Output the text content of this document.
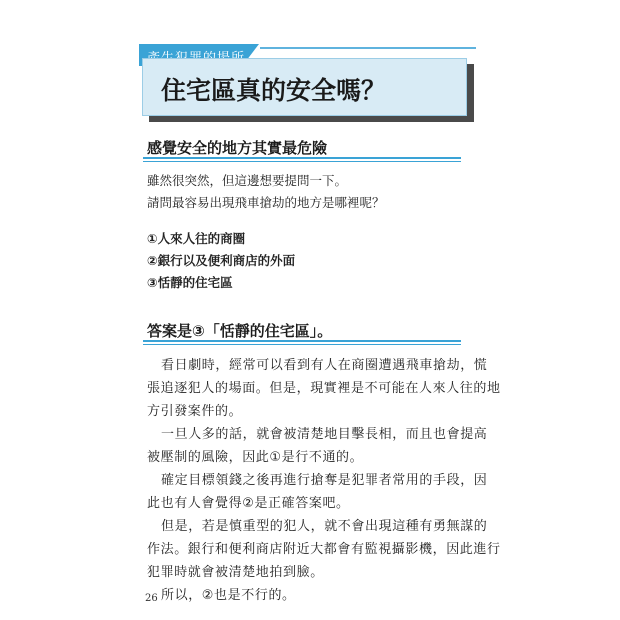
住宅區真的安全嗎？
感覺安全的地方其實最危險
雖然很突然，但這邊想要提問一下。
請問最容易出現飛車搶劫的地方是哪裡呢？
①人來人往的商圈
②銀行以及便利商店的外面
③恬靜的住宅區
答案是③「恬靜的住宅區」。
看日劇時，經常可以看到有人在商圈遭遇飛車搶劫，慌
張追逐犯人的場面。但是，現實裡是不可能在人來人往的地
方引發案件的。
一旦人多的話，就會被清楚地目擊長相，而且也會提高
被壓制的風險，因此①是行不通的。
確定目標領錢之後再進行搶奪是犯罪者常用的手段，因
此也有人會覺得②是正確答案吧。
但是，若是慎重型的犯人，就不會出現這種有勇無謀的
作法。銀行和便利商店附近大都會有監視攝影機，因此進行
犯罪時就會被清楚地拍到臉。
所以，②也是不行的。
26
